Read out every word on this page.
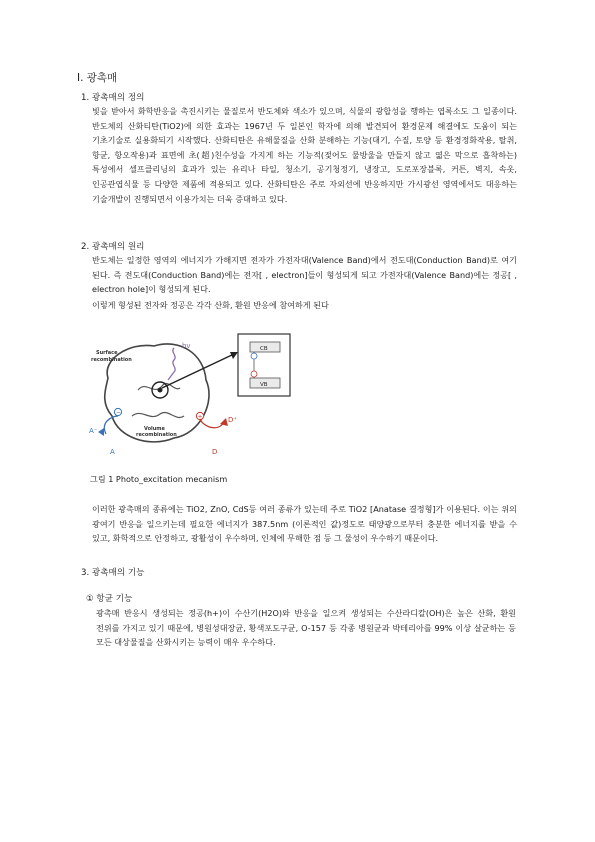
Ⅰ. 광촉매
1. 광촉매의 정의
빛을 받아서 화학반응을 촉진시키는 물질로서 반도체와 색소가 있으며, 식물의 광합성을 행하는 엽록소도 그 일종이다. 반도체의 산화티탄(TiO2)에 의한 효과는 1967년 두 일본인 학자에 의해 발견되어 환경문제 해결에도 도움이 되는 기초기술로 실용화되기 시작했다. 산화티탄은 유해물질을 산화 분해하는 기능(대기, 수질, 토양 등 환경정화작용, 탈취, 항균, 항오작용)과 표면에 초(超)친수성을 가지게 하는 기능적(젖어도 물방울을 만들지 않고 엷은 막으로 흡착하는) 특성에서 셀프클리닝의 효과가 있는 유리나 타일, 청소기, 공기청정기, 냉장고, 도로포장블록, 커튼, 벽지, 속옷, 인공관엽식물 등 다양한 제품에 적용되고 있다. 산화티탄은 주로 자외선에 반응하지만 가시광선 영역에서도 대응하는 기술개발이 진행되면서 이용가치는 더욱 증대하고 있다.
2. 광촉매의 원리
반도체는 일정한 영역의 에너지가 가해지면 전자가 가전자대(Valence Band)에서 전도대(Conduction Band)로 여기 된다. 즉 전도대(Conduction Band)에는 전자[ , electron]들이 형성되게 되고 가전자대(Valence Band)에는 정공[ , electron hole]이 형성되게 된다.
이렇게 형성된 전자와 정공은 각각 산화, 환원 반응에 참여하게 된다
hv
Surface
recombination
Volume
recombination
−
+
A⁻
A
D⁺
D
CB
VB
그림 1 Photo_excitation mecanism
이러한 광촉매의 종류에는 TiO2, ZnO, CdS등 여러 종류가 있는데 주로 TiO2 [Anatase 결정형]가 이용된다. 이는 위의 광여기 반응을 일으키는데 필요한 에너지가 387.5nm (이론적인 값)정도로 태양광으로부터 충분한 에너지를 받을 수 있고, 화학적으로 안정하고, 광활성이 우수하며, 인체에 무해한 점 등 그 물성이 우수하기 때문이다.
3. 광촉매의 기능
① 항균 기능
광촉매 반응시 생성되는 정공(h+)이 수산기(H2O)와 반응을 일으켜 생성되는 수산라디칼(OH)은 높은 산화, 환원 전위를 가지고 있기 때문에, 병원성대장균, 황색포도구균, O-157 등 각종 병원균과 박테리아를 99% 이상 살균하는 등 모든 대상물질을 산화시키는 능력이 매우 우수하다.
